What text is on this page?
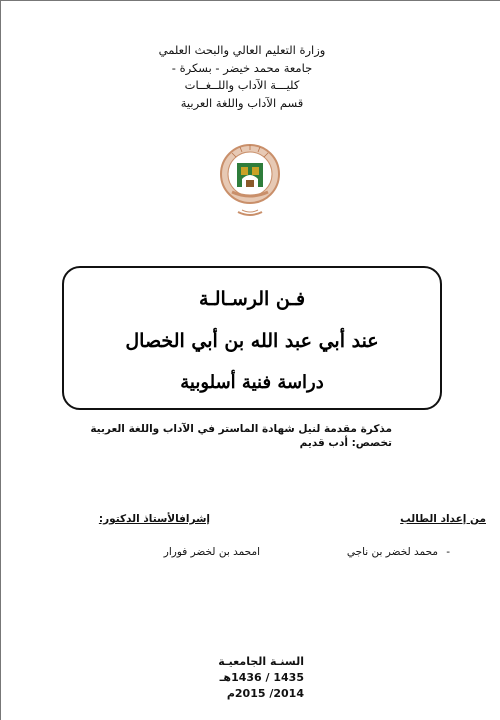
وزارة التعليم العالي والبحث العلمي
جامعة محمد خيضر - بسكرة -
كليـــة الآداب واللــغــات
قسم الآداب واللغة العربية
فـن الرسـالـة
عند أبي عبد الله بن أبي الخصال
دراسة فنية أسلوبية
مذكرة مقدمة لنيل شهادة الماستر في الآداب واللغة العربية
تخصص: أدب قديم
من إعداد الطالب
إشرافالأستاذ الدكتور:
-
محمد لخضر بن ناجي
امحمد بن لخضر فورار
السنـة الجامعيـة
1435 / 1436هـ
2014/ 2015م
